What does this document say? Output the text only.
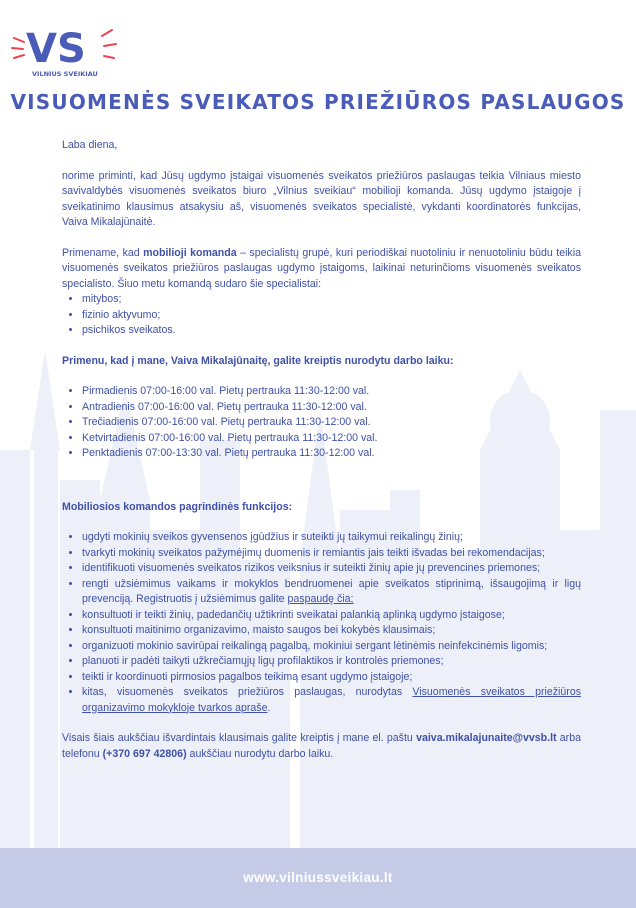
VS
VILNIUS SVEIKIAU
VISUOMENĖS SVEIKATOS PRIEŽIŪROS PASLAUGOS

Laba diena,

norime priminti, kad Jūsų ugdymo įstaigai visuomenės sveikatos priežiūros paslaugas teikia Vilniaus miesto savivaldybės visuomenės sveikatos biuro „Vilnius sveikiau“ mobilioji komanda. Jūsų ugdymo įstaigoje į sveikatinimo klausimus atsakysiu aš, visuomenės sveikatos specialistė, vykdanti koordinatorės funkcijas, Vaiva Mikalajūnaitė.

Primename, kad mobilioji komanda – specialistų grupė, kuri periodiškai nuotoliniu ir nenuotoliniu būdu teikia visuomenės sveikatos priežiūros paslaugas ugdymo įstaigoms, laikinai neturinčioms visuomenės sveikatos specialisto. Šiuo metu komandą sudaro šie specialistai:

• mitybos;
• fizinio aktyvumo;
• psichikos sveikatos.

Primenu, kad į mane, Vaiva Mikalajūnaitę, galite kreiptis nurodytu darbo laiku:

• Pirmadienis 07:00-16:00 val. Pietų pertrauka 11:30-12:00 val.
• Antradienis 07:00-16:00 val. Pietų pertrauka 11:30-12:00 val.
• Trečiadienis 07:00-16:00 val. Pietų pertrauka 11:30-12:00 val.
• Ketvirtadienis 07:00-16:00 val. Pietų pertrauka 11:30-12:00 val.
• Penktadienis 07:00-13:30 val. Pietų pertrauka 11:30-12:00 val.

Mobiliosios komandos pagrindinės funkcijos:

• ugdyti mokinių sveikos gyvensenos įgūdžius ir suteikti jų taikymui reikalingų žinių;
• tvarkyti mokinių sveikatos pažymėjimų duomenis ir remiantis jais teikti išvadas bei rekomendacijas;
• identifikuoti visuomenės sveikatos rizikos veiksnius ir suteikti žinių apie jų prevencines priemones;
• rengti užsiėmimus vaikams ir mokyklos bendruomenei apie sveikatos stiprinimą, išsaugojimą ir ligų prevenciją. Registruotis į užsiėmimus galite paspaudę čia;
• konsultuoti ir teikti žinių, padedančių užtikrinti sveikatai palankią aplinką ugdymo įstaigose;
• konsultuoti maitinimo organizavimo, maisto saugos bei kokybės klausimais;
• organizuoti mokinio savirūpai reikalingą pagalbą, mokiniui sergant lėtinėmis neinfekcinėmis ligomis;
• planuoti ir padėti taikyti užkrečiamųjų ligų profilaktikos ir kontrolės priemones;
• teikti ir koordinuoti pirmosios pagalbos teikimą esant ugdymo įstaigoje;
• kitas, visuomenės sveikatos priežiūros paslaugas, nurodytas Visuomenės sveikatos priežiūros organizavimo mokykloje tvarkos apraše.

Visais šiais aukščiau išvardintais klausimais galite kreiptis į mane el. paštu vaiva.mikalajunaite@vvsb.lt arba telefonu (+370 697 42806) aukščiau nurodytu darbo laiku.

www.vilniussveikiau.lt
